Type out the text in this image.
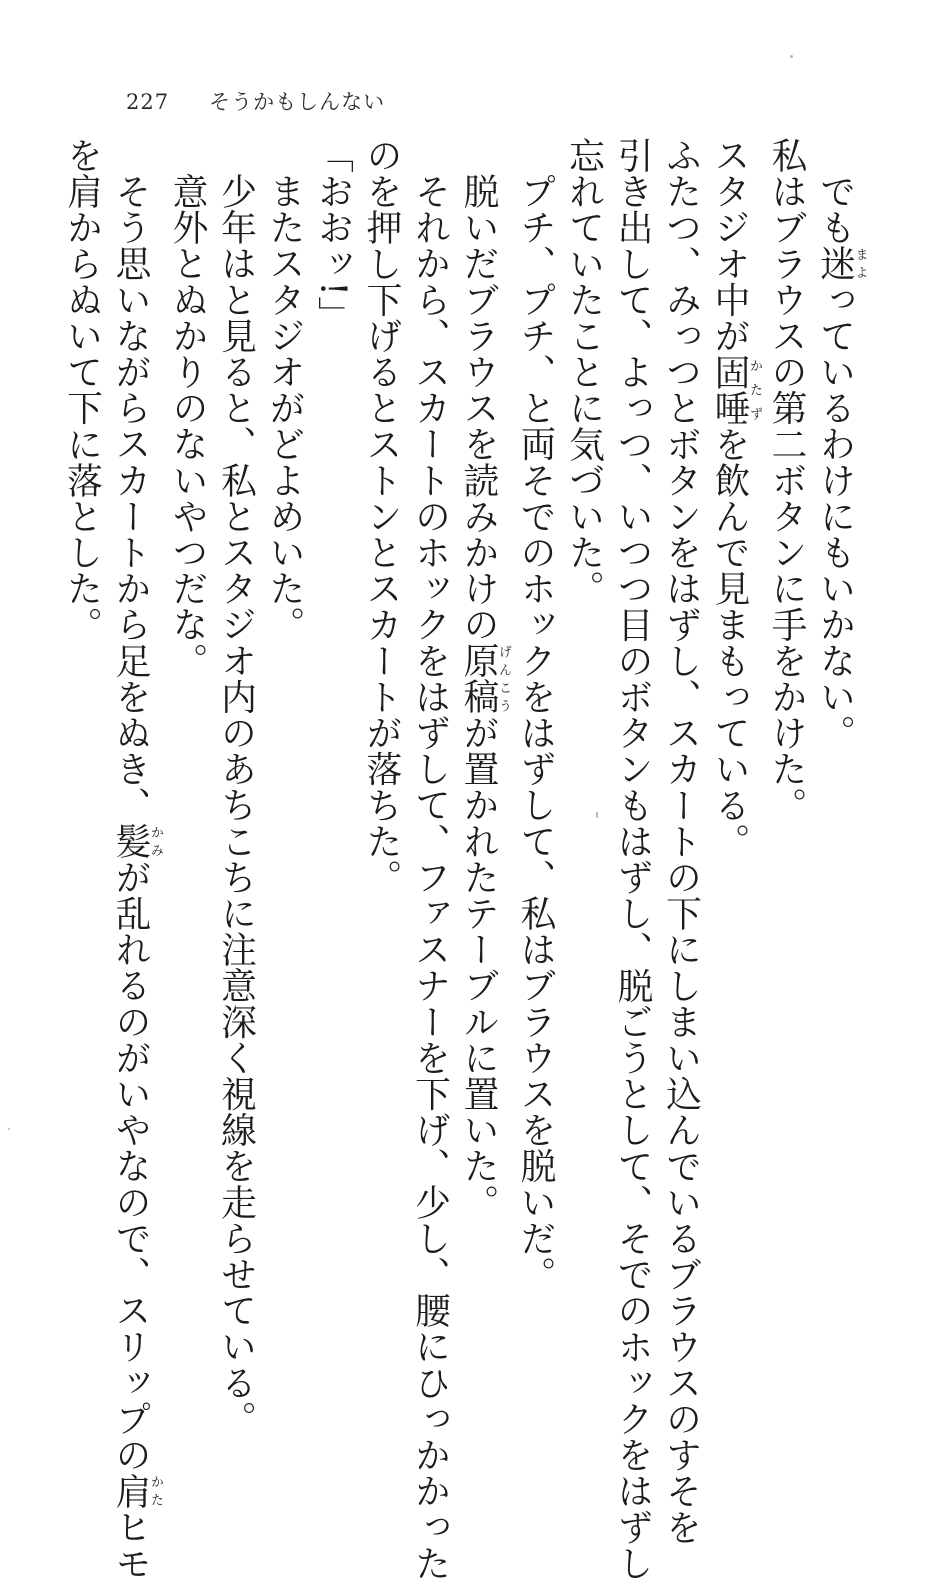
227 そうかもしんない
でも迷まよっているわけにもいかない。
私はブラウスの第二ボタンに手をかけた。
スタジオ中が固唾かたずを飲んで見まもっている。
ふたつ、みっつとボタンをはずし、スカートの下にしまい込んでいるブラウスのすそを
引き出して、よっつ、いつつ目のボタンもはずし、脱ごうとして、そでのホックをはずし
忘れていたことに気づいた。
プチ、プチ、と両そでのホックをはずして、私はブラウスを脱いだ。
脱いだブラウスを読みかけの原稿げんこうが置かれたテーブルに置いた。
それから、スカートのホックをはずして、ファスナーを下げ、少し、腰にひっかかった
のを押し下げるとストンとスカートが落ちた。
「おおッ!」
またスタジオがどよめいた。
少年はと見ると、私とスタジオ内のあちこちに注意深く視線を走らせている。
意外とぬかりのないやつだな。
そう思いながらスカートから足をぬき、髪かみが乱れるのがいやなので、スリップの肩かたヒモ
を肩からぬいて下に落とした。
